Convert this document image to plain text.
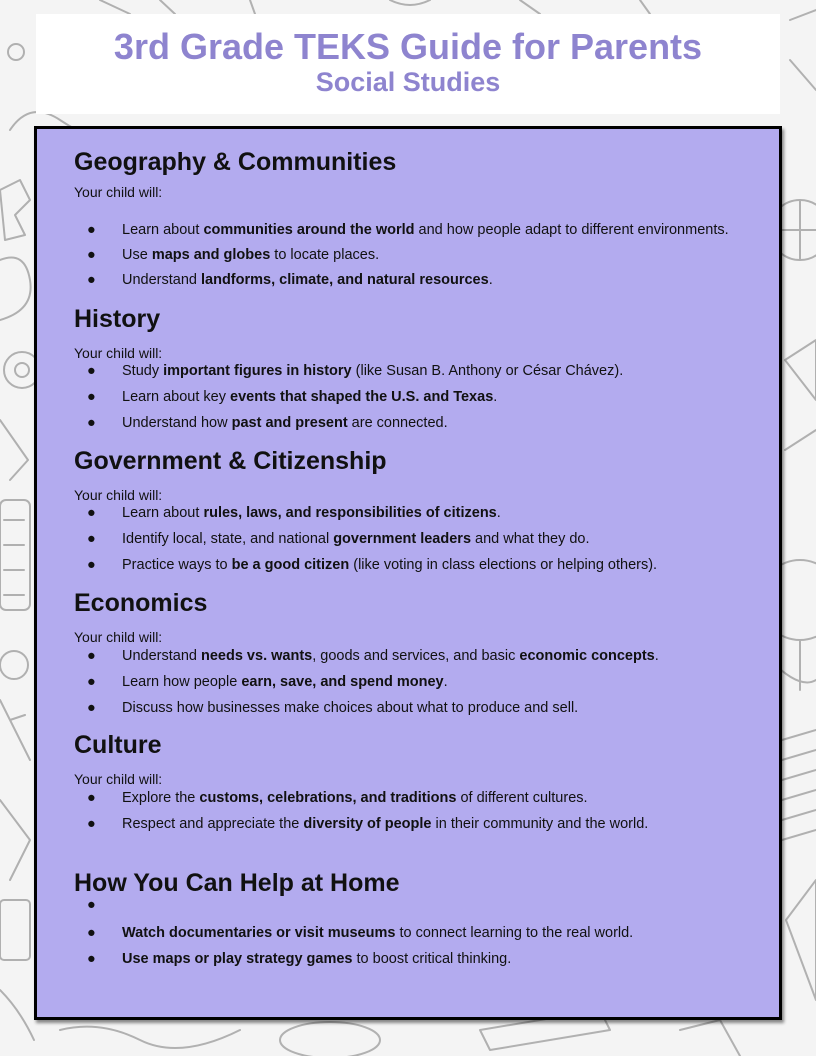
3rd Grade TEKS Guide for Parents
Social Studies
Geography & Communities

Your child will:

● Learn about communities around the world and how people adapt to different environments.
● Use maps and globes to locate places.
● Understand landforms, climate, and natural resources.
History

Your child will:

● Study important figures in history (like Susan B. Anthony or César Chávez).
● Learn about key events that shaped the U.S. and Texas.
● Understand how past and present are connected.
Government & Citizenship

Your child will:

● Learn about rules, laws, and responsibilities of citizens.
● Identify local, state, and national government leaders and what they do.
● Practice ways to be a good citizen (like voting in class elections or helping others).
Economics

Your child will:

● Understand needs vs. wants, goods and services, and basic economic concepts.
● Learn how people earn, save, and spend money.
● Discuss how businesses make choices about what to produce and sell.
Culture

Your child will:

● Explore the customs, celebrations, and traditions of different cultures.
● Respect and appreciate the diversity of people in their community and the world.
How You Can Help at Home
●
● Watch documentaries or visit museums to connect learning to the real world.
● Use maps or play strategy games to boost critical thinking.
